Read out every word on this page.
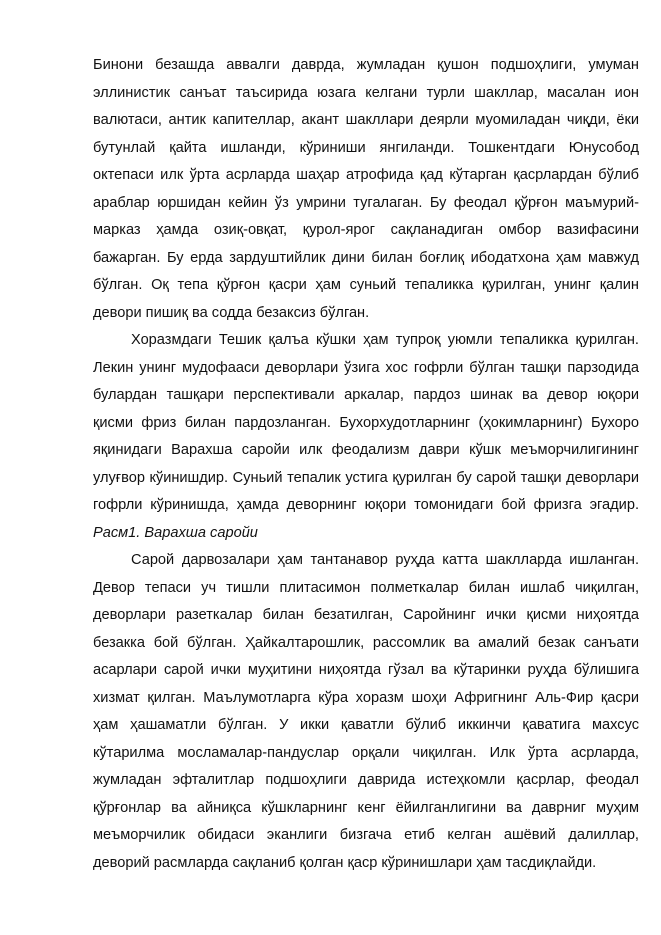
Бинони безашда аввалги даврда, жумладан қушон подшоҳлиги, умуман эллинистик санъат таъсирида юзага келгани турли шакллар, масалан ион валютаси, антик капителлар, акант шакллари деярли муомиладан чиқди, ёки бутунлай қайта ишланди, кўриниши янгиланди. Тошкентдаги Юнусобод октепаси илк ўрта асрларда шаҳар атрофида қад кўтарган қасрлардан бўлиб араблар юршидан кейин ўз умрини тугалаган. Бу феодал қўрғон маъмурий-марказ ҳамда озиқ-овқат, қурол-ярог сақланадиган омбор вазифасини бажарган. Бу ерда зардуштийлик дини билан боғлиқ ибодатхона ҳам мавжуд бўлган. Оқ тепа қўрғон қасри ҳам суньий тепаликка қурилган, унинг қалин девори пишиқ ва содда безаксиз бўлган.

Хоразмдаги Тешик қалъа кўшки ҳам тупроқ уюмли тепаликка қурилган. Лекин унинг мудофааси деворлари ўзига хос гофрли бўлган ташқи парзодида булардан ташқари перспективали аркалар, пардоз шинак ва девор юқори қисми фриз билан пардозланган. Бухорхудотларнинг (ҳокимларнинг) Бухоро яқинидаги Варахша саройи илк феодализм даври кўшк меъморчилигининг улуғвор кўинишдир. Суньий тепалик устига қурилган бу сарой ташқи деворлари гофрли кўринишда, ҳамда деворнинг юқори томонидаги бой фризга эгадир. Расм1. Варахша саройи

Сарой дарвозалари ҳам тантанавор руҳда катта шаклларда ишланган. Девор тепаси уч тишли плитасимон полметкалар билан ишлаб чиқилган, деворлари разеткалар билан безатилган, Саройнинг ички қисми ниҳоятда безакка бой бўлган. Ҳайкалтарошлик, рассомлик ва амалий безак санъати асарлари сарой ички муҳитини ниҳоятда гўзал ва кўтаринки руҳда бўлишига хизмат қилган. Маълумотларга кўра хоразм шоҳи Афригнинг Аль-Фир қасри ҳам ҳашаматли бўлган. У икки қаватли бўлиб иккинчи қаватига махсус кўтарилма мосламалар-пандуслар орқали чиқилган. Илк ўрта асрларда, жумладан эфталитлар подшоҳлиги даврида истеҳкомли қасрлар, феодал қўрғонлар ва айниқса кўшкларнинг кенг ёйилганлигини ва даврниг муҳим меъморчилик обидаси эканлиги бизгача етиб келган ашёвий далиллар, деворий расмларда сақланиб қолган қаср кўринишлари ҳам тасдиқлайди.
